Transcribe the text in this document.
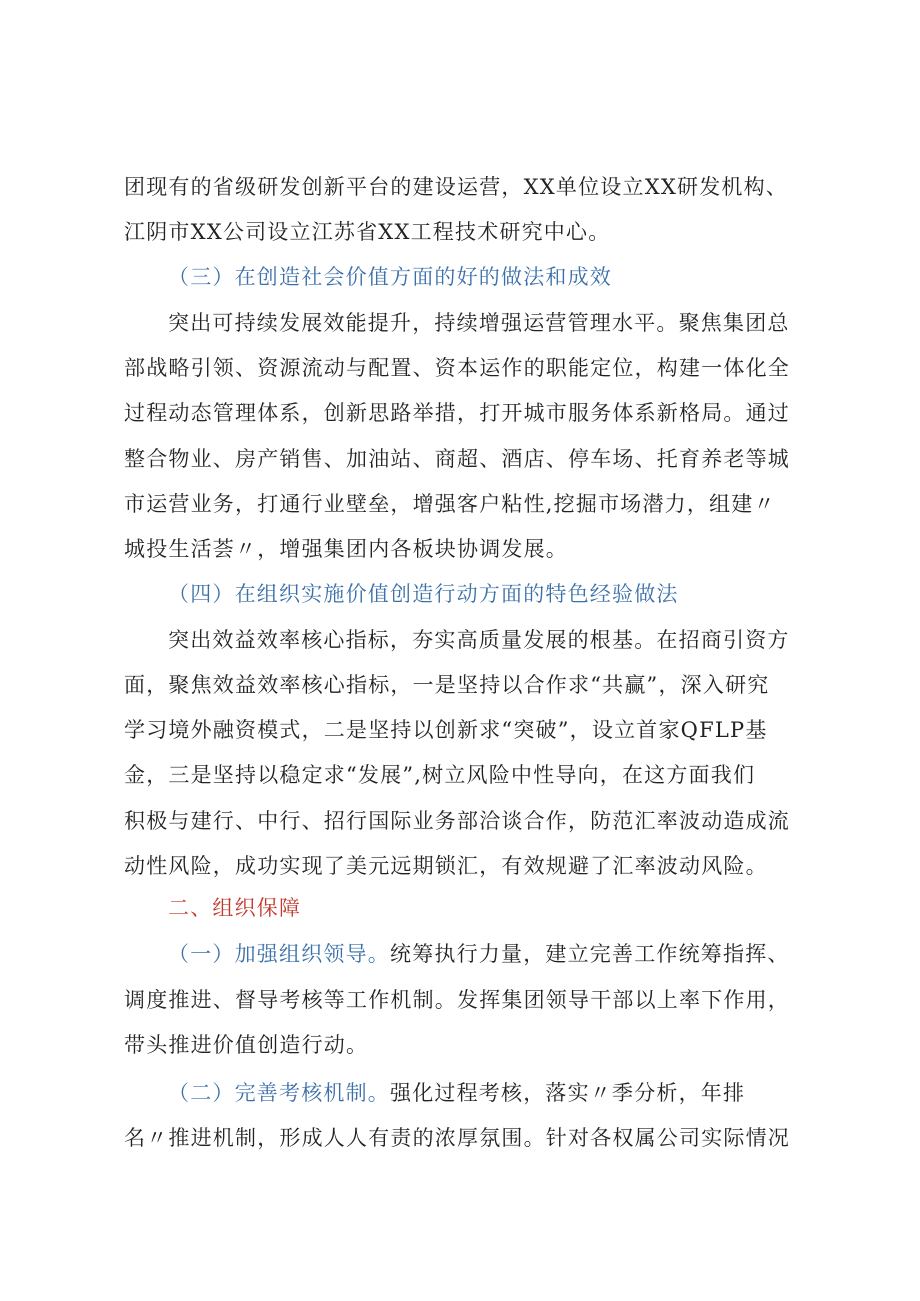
团现有的省级研发创新平台的建设运营，XX单位设立XX研发机构、
江阴市XX公司设立江苏省XX工程技术研究中心。
（三）在创造社会价值方面的好的做法和成效
突出可持续发展效能提升，持续增强运营管理水平。聚焦集团总
部战略引领、资源流动与配置、资本运作的职能定位，构建一体化全
过程动态管理体系，创新思路举措，打开城市服务体系新格局。通过
整合物业、房产销售、加油站、商超、酒店、停车场、托育养老等城
市运营业务，打通行业壁垒，增强客户粘性,挖掘市场潜力，组建〃
城投生活荟〃，增强集团内各板块协调发展。
（四）在组织实施价值创造行动方面的特色经验做法
突出效益效率核心指标，夯实高质量发展的根基。在招商引资方
面，聚焦效益效率核心指标，一是坚持以合作求“共赢”，深入研究
学习境外融资模式，二是坚持以创新求“突破”，设立首家QFLP基
金，三是坚持以稳定求“发展”,树立风险中性导向，在这方面我们
积极与建行、中行、招行国际业务部洽谈合作，防范汇率波动造成流
动性风险，成功实现了美元远期锁汇，有效规避了汇率波动风险。
二、组织保障
（一）加强组织领导。统筹执行力量，建立完善工作统筹指挥、
调度推进、督导考核等工作机制。发挥集团领导干部以上率下作用，
带头推进价值创造行动。
（二）完善考核机制。强化过程考核，落实〃季分析，年排
名〃推进机制，形成人人有责的浓厚氛围。针对各权属公司实际情况
